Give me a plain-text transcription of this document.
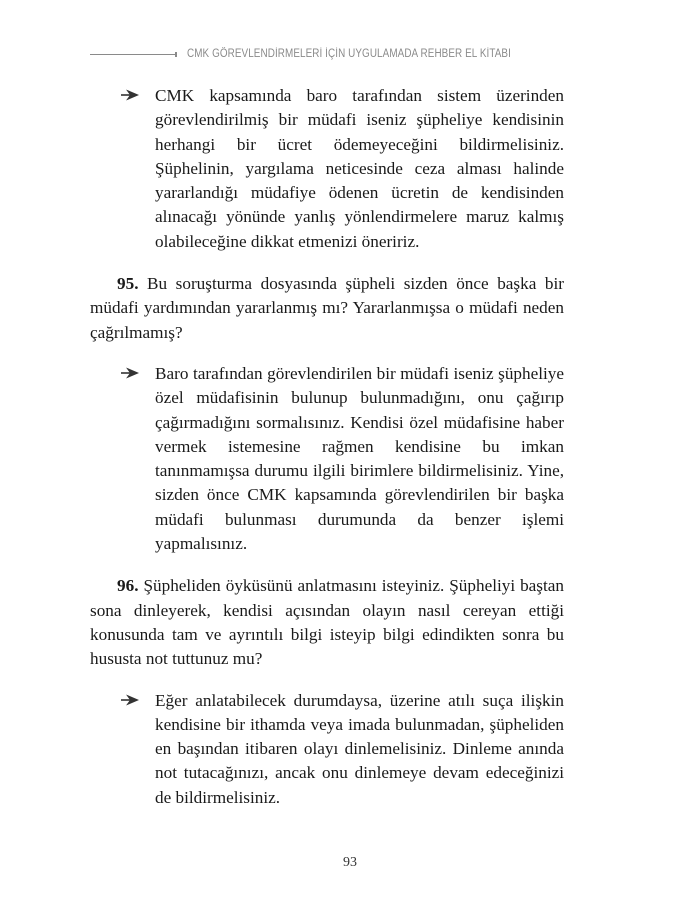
CMK GÖREVLENDİRMELERİ İÇİN UYGULAMADA REHBER EL KİTABI
CMK kapsamında baro tarafından sistem üzerinden görevlendirilmiş bir müdafi iseniz şüpheliye kendisinin herhangi bir ücret ödemeyeceğini bildirmelisiniz. Şüphelinin, yargılama neticesinde ceza alması halinde yararlandığı müdafiye ödenen ücretin de kendisinden alınacağı yönünde yanlış yönlendirmelere maruz kalmış olabileceğine dikkat etmenizi öneririz.

95. Bu soruşturma dosyasında şüpheli sizden önce başka bir müdafi yardımından yararlanmış mı? Yararlanmışsa o müdafi neden çağrılmamış?

Baro tarafından görevlendirilen bir müdafi iseniz şüpheliye özel müdafisinin bulunup bulunmadığını, onu çağırıp çağırmadığını sormalısınız. Kendisi özel müdafisine haber vermek istemesine rağmen kendisine bu imkan tanınmamışsa durumu ilgili birimlere bildirmelisiniz. Yine, sizden önce CMK kapsamında görevlendirilen bir başka müdafi bulunması durumunda da benzer işlemi yapmalısınız.

96. Şüpheliden öyküsünü anlatmasını isteyiniz. Şüpheliyi baştan sona dinleyerek, kendisi açısından olayın nasıl cereyan ettiği konusunda tam ve ayrıntılı bilgi isteyip bilgi edindikten sonra bu hususta not tuttunuz mu?

Eğer anlatabilecek durumdaysa, üzerine atılı suça ilişkin kendisine bir ithamda veya imada bulunmadan, şüpheliden en başından itibaren olayı dinlemelisiniz. Dinleme anında not tutacağınızı, ancak onu dinlemeye devam edeceğinizi de bildirmelisiniz.
93
